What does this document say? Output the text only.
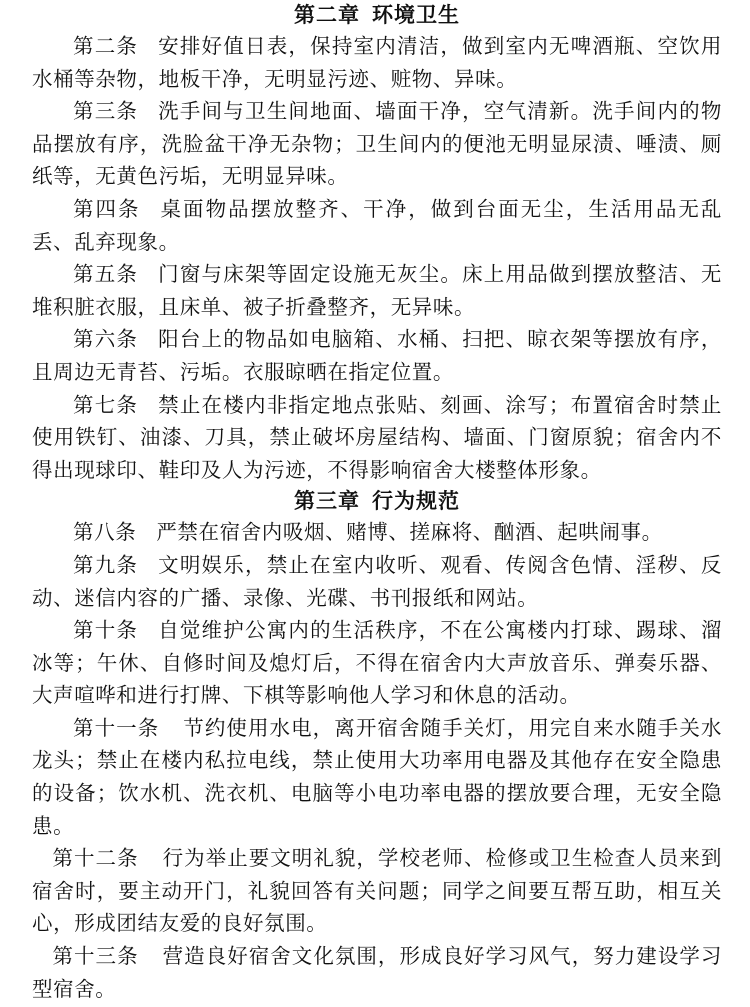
第二章 环境卫生

第二条 安排好值日表，保持室内清洁，做到室内无啤酒瓶、空饮用水桶等杂物，地板干净，无明显污迹、赃物、异味。

第三条 洗手间与卫生间地面、墙面干净，空气清新。洗手间内的物品摆放有序，洗脸盆干净无杂物；卫生间内的便池无明显尿渍、唾渍、厕纸等，无黄色污垢，无明显异味。

第四条 桌面物品摆放整齐、干净，做到台面无尘，生活用品无乱丢、乱弃现象。

第五条 门窗与床架等固定设施无灰尘。床上用品做到摆放整洁、无堆积脏衣服，且床单、被子折叠整齐，无异味。

第六条 阳台上的物品如电脑箱、水桶、扫把、晾衣架等摆放有序，且周边无青苔、污垢。衣服晾晒在指定位置。

第七条 禁止在楼内非指定地点张贴、刻画、涂写；布置宿舍时禁止使用铁钉、油漆、刀具，禁止破坏房屋结构、墙面、门窗原貌；宿舍内不得出现球印、鞋印及人为污迹，不得影响宿舍大楼整体形象。

第三章 行为规范

第八条 严禁在宿舍内吸烟、赌博、搓麻将、酗酒、起哄闹事。

第九条 文明娱乐，禁止在室内收听、观看、传阅含色情、淫秽、反动、迷信内容的广播、录像、光碟、书刊报纸和网站。

第十条 自觉维护公寓内的生活秩序，不在公寓楼内打球、踢球、溜冰等；午休、自修时间及熄灯后，不得在宿舍内大声放音乐、弹奏乐器、大声喧哗和进行打牌、下棋等影响他人学习和休息的活动。

第十一条 节约使用水电，离开宿舍随手关灯，用完自来水随手关水龙头；禁止在楼内私拉电线，禁止使用大功率用电器及其他存在安全隐患的设备；饮水机、洗衣机、电脑等小电功率电器的摆放要合理，无安全隐患。

第十二条 行为举止要文明礼貌，学校老师、检修或卫生检查人员来到宿舍时，要主动开门，礼貌回答有关问题；同学之间要互帮互助，相互关心，形成团结友爱的良好氛围。

第十三条 营造良好宿舍文化氛围，形成良好学习风气，努力建设学习型宿舍。
